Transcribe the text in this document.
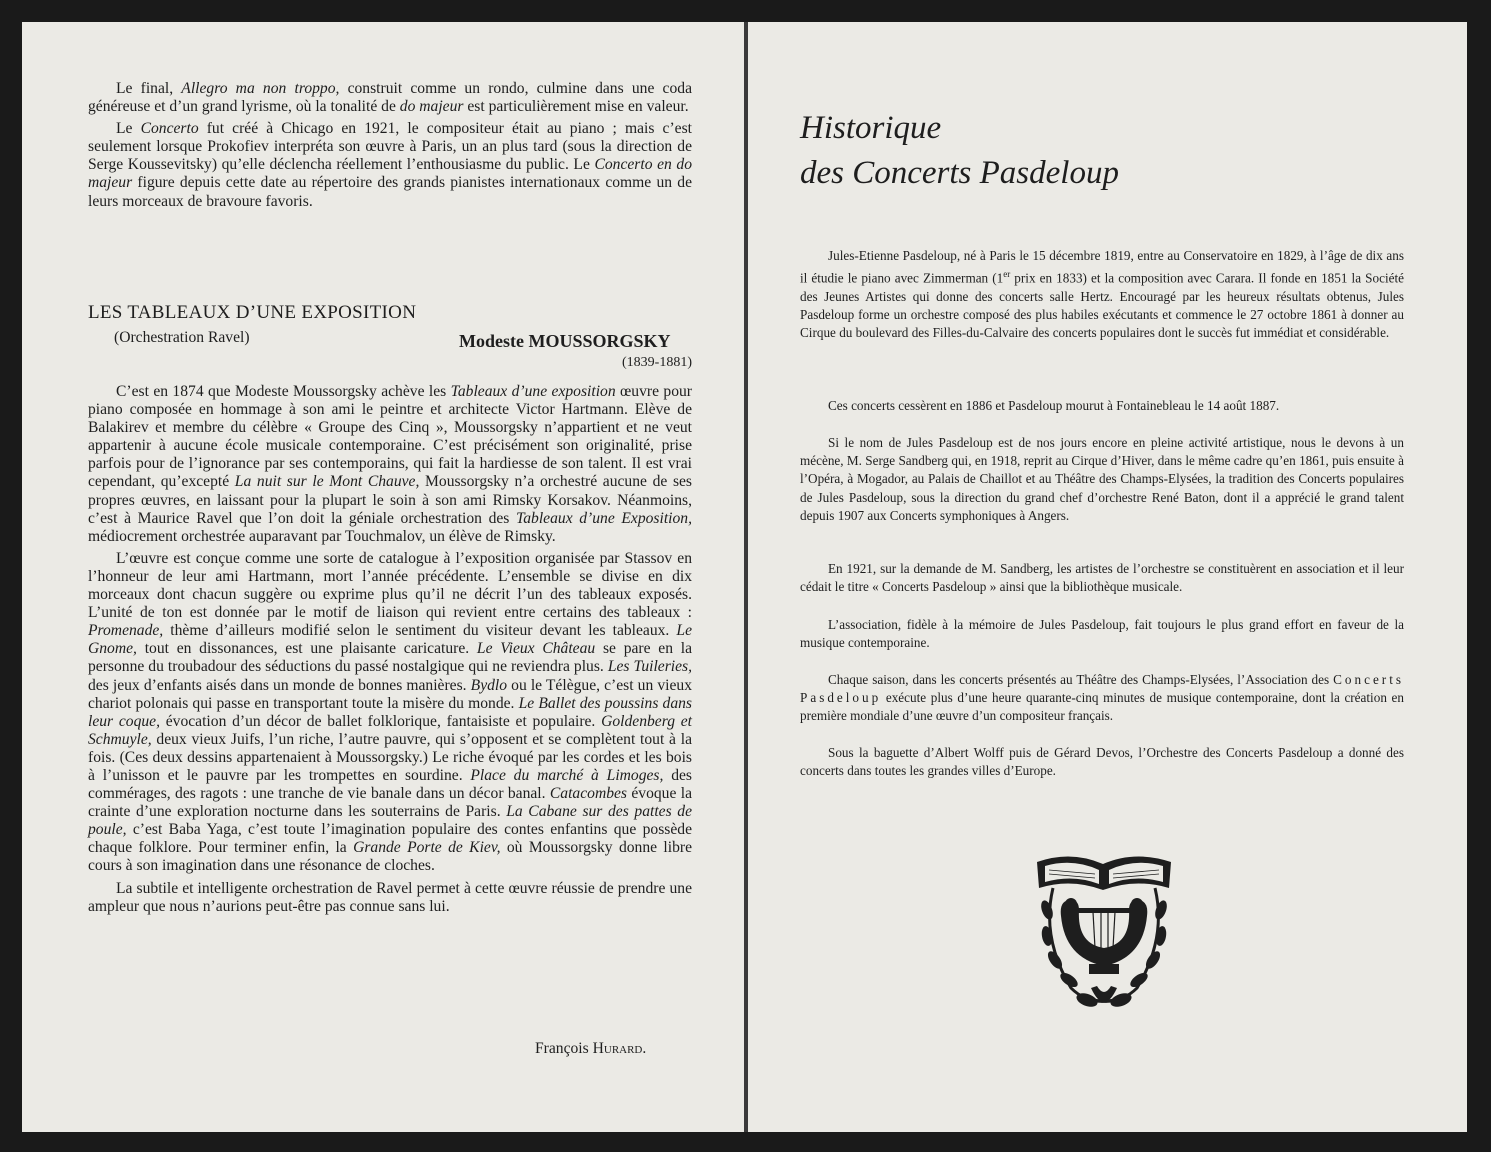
Le final, Allegro ma non troppo, construit comme un rondo, culmine dans une coda généreuse et d’un grand lyrisme, où la tonalité de do majeur est particulièrement mise en valeur.

Le Concerto fut créé à Chicago en 1921, le compositeur était au piano ; mais c’est seulement lorsque Prokofiev interpréta son œuvre à Paris, un an plus tard (sous la direction de Serge Koussevitsky) qu’elle déclencha réellement l’enthousiasme du public. Le Concerto en do majeur figure depuis cette date au répertoire des grands pianistes internationaux comme un de leurs morceaux de bravoure favoris.

LES TABLEAUX D’UNE EXPOSITION
(Orchestration Ravel)	Modeste MOUSSORGSKY
(1839-1881)

C’est en 1874 que Modeste Moussorgsky achève les Tableaux d’une exposition œuvre pour piano composée en hommage à son ami le peintre et architecte Victor Hartmann. Elève de Balakirev et membre du célèbre « Groupe des Cinq », Moussorgsky n’appartient et ne veut appartenir à aucune école musicale contemporaine. C’est précisément son originalité, prise parfois pour de l’ignorance par ses contemporains, qui fait la hardiesse de son talent. Il est vrai cependant, qu’excepté La nuit sur le Mont Chauve, Moussorgsky n’a orchestré aucune de ses propres œuvres, en laissant pour la plupart le soin à son ami Rimsky Korsakov. Néanmoins, c’est à Maurice Ravel que l’on doit la géniale orchestration des Tableaux d’une Exposition, médiocrement orchestrée auparavant par Touchmalov, un élève de Rimsky.

L’œuvre est conçue comme une sorte de catalogue à l’exposition organisée par Stassov en l’honneur de leur ami Hartmann, mort l’année précédente. L’ensemble se divise en dix morceaux dont chacun suggère ou exprime plus qu’il ne décrit l’un des tableaux exposés. L’unité de ton est donnée par le motif de liaison qui revient entre certains des tableaux : Promenade, thème d’ailleurs modifié selon le sentiment du visiteur devant les tableaux. Le Gnome, tout en dissonances, est une plaisante caricature. Le Vieux Château se pare en la personne du troubadour des séductions du passé nostalgique qui ne reviendra plus. Les Tuileries, des jeux d’enfants aisés dans un monde de bonnes manières. Bydlo ou le Télègue, c’est un vieux chariot polonais qui passe en transportant toute la misère du monde. Le Ballet des poussins dans leur coque, évocation d’un décor de ballet folklorique, fantaisiste et populaire. Goldenberg et Schmuyle, deux vieux Juifs, l’un riche, l’autre pauvre, qui s’opposent et se complètent tout à la fois. (Ces deux dessins appartenaient à Moussorgsky.) Le riche évoqué par les cordes et les bois à l’unisson et le pauvre par les trompettes en sourdine. Place du marché à Limoges, des commérages, des ragots : une tranche de vie banale dans un décor banal. Catacombes évoque la crainte d’une exploration nocturne dans les souterrains de Paris. La Cabane sur des pattes de poule, c’est Baba Yaga, c’est toute l’imagination populaire des contes enfantins que possède chaque folklore. Pour terminer enfin, la Grande Porte de Kiev, où Moussorgsky donne libre cours à son imagination dans une résonance de cloches.

La subtile et intelligente orchestration de Ravel permet à cette œuvre réussie de prendre une ampleur que nous n’aurions peut-être pas connue sans lui.

François Hurard.
Historique
des Concerts Pasdeloup

Jules-Etienne Pasdeloup, né à Paris le 15 décembre 1819, entre au Conservatoire en 1829, à l’âge de dix ans il étudie le piano avec Zimmerman (1er prix en 1833) et la composition avec Carara. Il fonde en 1851 la Société des Jeunes Artistes qui donne des concerts salle Hertz. Encouragé par les heureux résultats obtenus, Jules Pasdeloup forme un orchestre composé des plus habiles exécutants et commence le 27 octobre 1861 à donner au Cirque du boulevard des Filles-du-Calvaire des concerts populaires dont le succès fut immédiat et considérable.

Ces concerts cessèrent en 1886 et Pasdeloup mourut à Fontainebleau le 14 août 1887.

Si le nom de Jules Pasdeloup est de nos jours encore en pleine activité artistique, nous le devons à un mécène, M. Serge Sandberg qui, en 1918, reprit au Cirque d’Hiver, dans le même cadre qu’en 1861, puis ensuite à l’Opéra, à Mogador, au Palais de Chaillot et au Théâtre des Champs-Elysées, la tradition des Concerts populaires de Jules Pasdeloup, sous la direction du grand chef d’orchestre René Baton, dont il a apprécié le grand talent depuis 1907 aux Concerts symphoniques à Angers.

En 1921, sur la demande de M. Sandberg, les artistes de l’orchestre se constituèrent en association et il leur cédait le titre « Concerts Pasdeloup » ainsi que la bibliothèque musicale.

L’association, fidèle à la mémoire de Jules Pasdeloup, fait toujours le plus grand effort en faveur de la musique contemporaine.

Chaque saison, dans les concerts présentés au Théâtre des Champs-Elysées, l’Association des Concerts Pasdeloup exécute plus d’une heure quarante-cinq minutes de musique contemporaine, dont la création en première mondiale d’une œuvre d’un compositeur français.

Sous la baguette d’Albert Wolff puis de Gérard Devos, l’Orchestre des Concerts Pasdeloup a donné des concerts dans toutes les grandes villes d’Europe.
